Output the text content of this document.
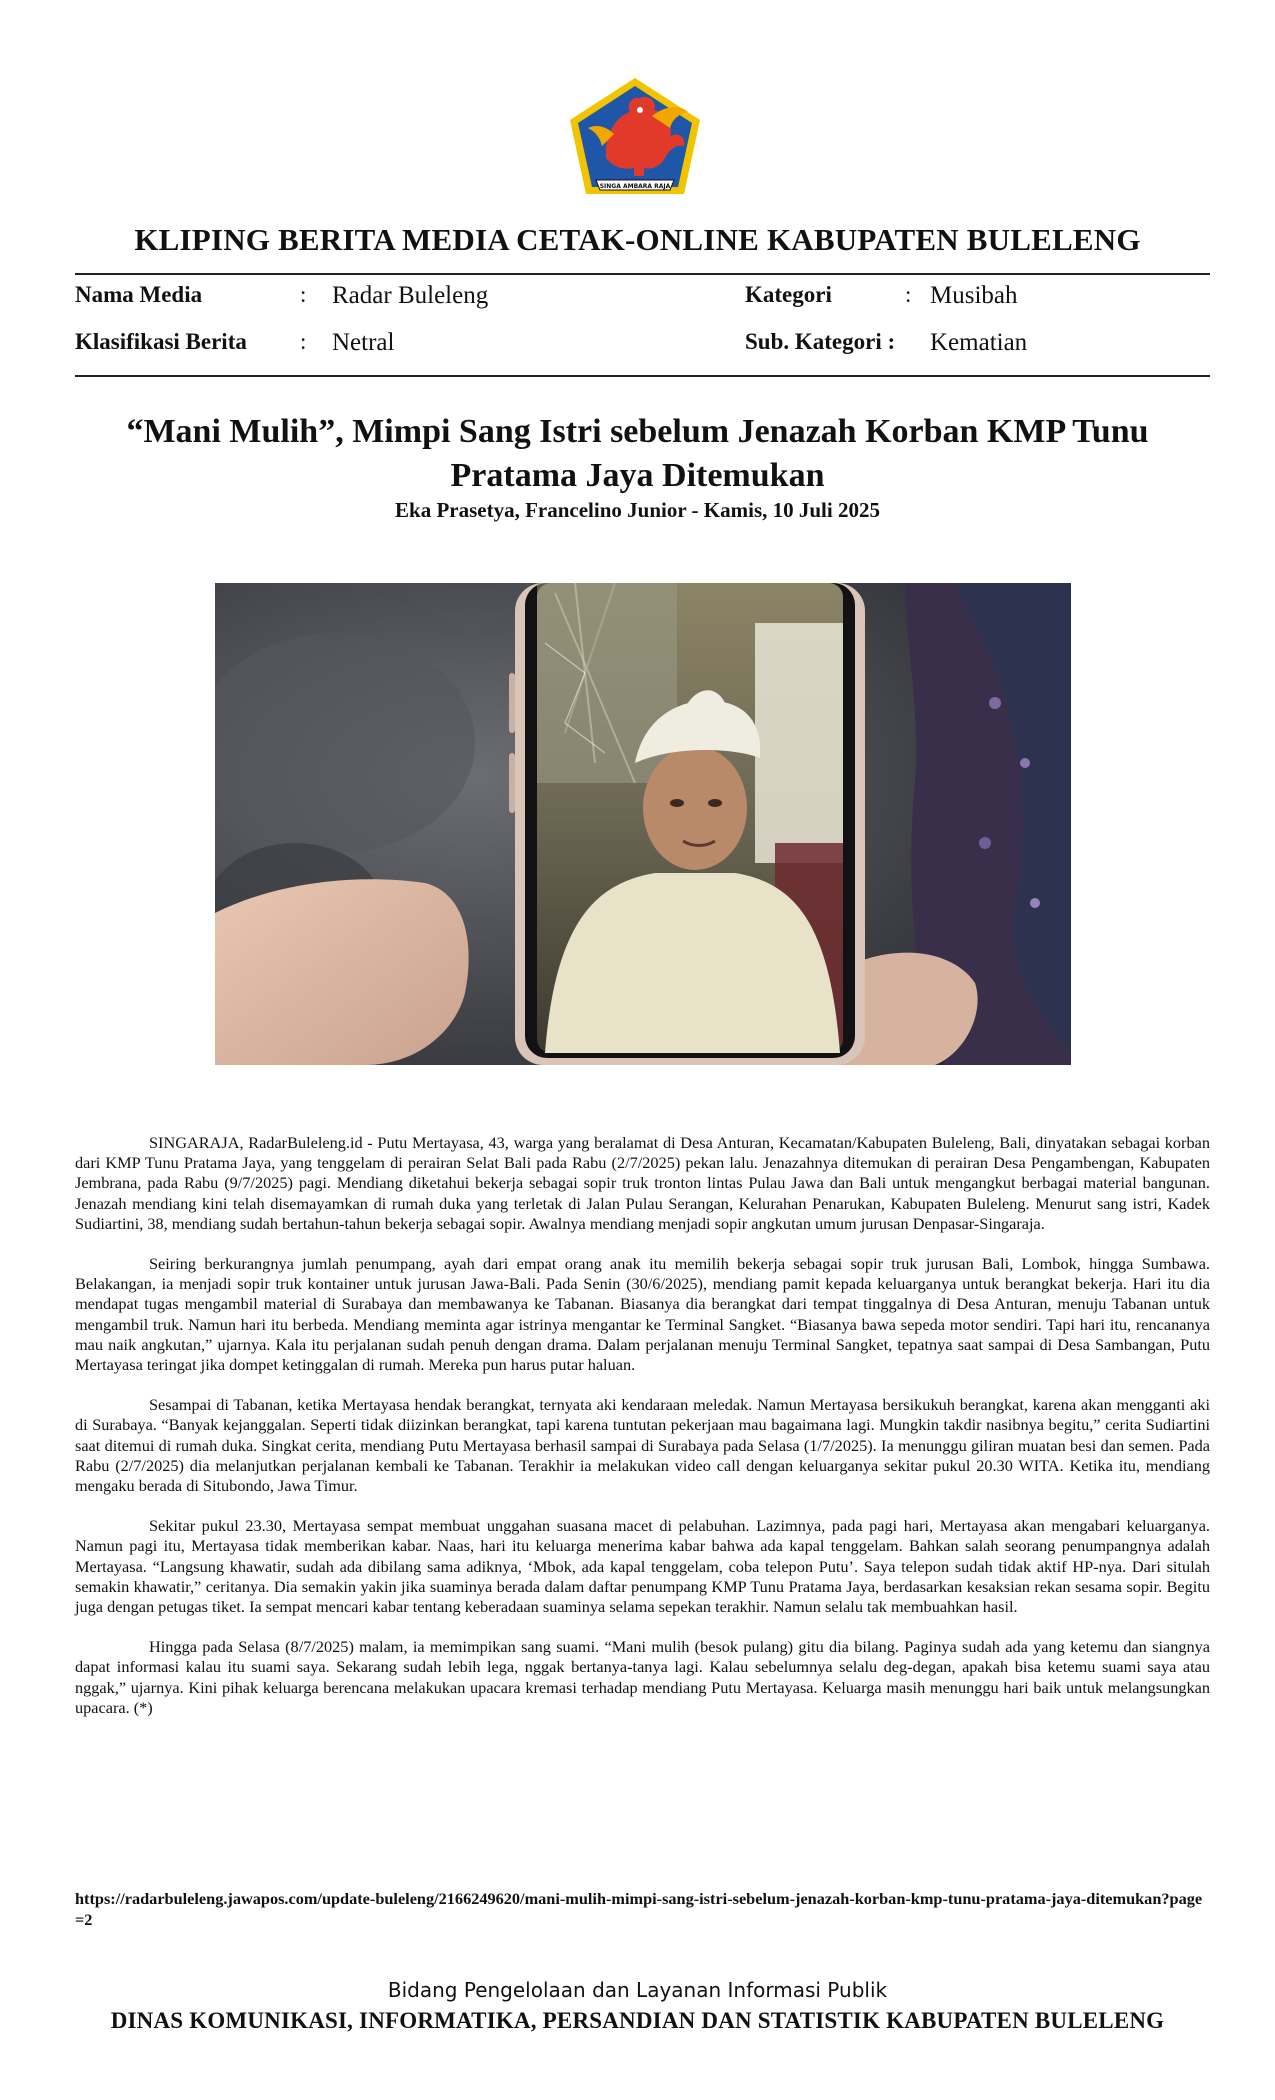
SINGA AMBARA RAJA
KLIPING BERITA MEDIA CETAK-ONLINE KABUPATEN BULELENG
Nama Media	: Radar Buleleng	Kategori	: Musibah
Klasifikasi Berita : Netral	Sub. Kategori : Kematian
“Mani Mulih”, Mimpi Sang Istri sebelum Jenazah Korban KMP Tunu Pratama Jaya Ditemukan
Eka Prasetya, Francelino Junior - Kamis, 10 Juli 2025

SINGARAJA, RadarBuleleng.id - Putu Mertayasa, 43, warga yang beralamat di Desa Anturan, Kecamatan/Kabupaten Buleleng, Bali, dinyatakan sebagai korban dari KMP Tunu Pratama Jaya, yang tenggelam di perairan Selat Bali pada Rabu (2/7/2025) pekan lalu. Jenazahnya ditemukan di perairan Desa Pengambengan, Kabupaten Jembrana, pada Rabu (9/7/2025) pagi. Mendiang diketahui bekerja sebagai sopir truk tronton lintas Pulau Jawa dan Bali untuk mengangkut berbagai material bangunan. Jenazah mendiang kini telah disemayamkan di rumah duka yang terletak di Jalan Pulau Serangan, Kelurahan Penarukan, Kabupaten Buleleng. Menurut sang istri, Kadek Sudiartini, 38, mendiang sudah bertahun-tahun bekerja sebagai sopir. Awalnya mendiang menjadi sopir angkutan umum jurusan Denpasar-Singaraja.

Seiring berkurangnya jumlah penumpang, ayah dari empat orang anak itu memilih bekerja sebagai sopir truk jurusan Bali, Lombok, hingga Sumbawa. Belakangan, ia menjadi sopir truk kontainer untuk jurusan Jawa-Bali. Pada Senin (30/6/2025), mendiang pamit kepada keluarganya untuk berangkat bekerja. Hari itu dia mendapat tugas mengambil material di Surabaya dan membawanya ke Tabanan. Biasanya dia berangkat dari tempat tinggalnya di Desa Anturan, menuju Tabanan untuk mengambil truk. Namun hari itu berbeda. Mendiang meminta agar istrinya mengantar ke Terminal Sangket. “Biasanya bawa sepeda motor sendiri. Tapi hari itu, rencananya mau naik angkutan,” ujarnya. Kala itu perjalanan sudah penuh dengan drama. Dalam perjalanan menuju Terminal Sangket, tepatnya saat sampai di Desa Sambangan, Putu Mertayasa teringat jika dompet ketinggalan di rumah. Mereka pun harus putar haluan.

Sesampai di Tabanan, ketika Mertayasa hendak berangkat, ternyata aki kendaraan meledak. Namun Mertayasa bersikukuh berangkat, karena akan mengganti aki di Surabaya. “Banyak kejanggalan. Seperti tidak diizinkan berangkat, tapi karena tuntutan pekerjaan mau bagaimana lagi. Mungkin takdir nasibnya begitu,” cerita Sudiartini saat ditemui di rumah duka. Singkat cerita, mendiang Putu Mertayasa berhasil sampai di Surabaya pada Selasa (1/7/2025). Ia menunggu giliran muatan besi dan semen. Pada Rabu (2/7/2025) dia melanjutkan perjalanan kembali ke Tabanan. Terakhir ia melakukan video call dengan keluarganya sekitar pukul 20.30 WITA. Ketika itu, mendiang mengaku berada di Situbondo, Jawa Timur.

Sekitar pukul 23.30, Mertayasa sempat membuat unggahan suasana macet di pelabuhan. Lazimnya, pada pagi hari, Mertayasa akan mengabari keluarganya. Namun pagi itu, Mertayasa tidak memberikan kabar. Naas, hari itu keluarga menerima kabar bahwa ada kapal tenggelam. Bahkan salah seorang penumpangnya adalah Mertayasa. “Langsung khawatir, sudah ada dibilang sama adiknya, ‘Mbok, ada kapal tenggelam, coba telepon Putu’. Saya telepon sudah tidak aktif HP-nya. Dari situlah semakin khawatir,” ceritanya. Dia semakin yakin jika suaminya berada dalam daftar penumpang KMP Tunu Pratama Jaya, berdasarkan kesaksian rekan sesama sopir. Begitu juga dengan petugas tiket. Ia sempat mencari kabar tentang keberadaan suaminya selama sepekan terakhir. Namun selalu tak membuahkan hasil.

Hingga pada Selasa (8/7/2025) malam, ia memimpikan sang suami. “Mani mulih (besok pulang) gitu dia bilang. Paginya sudah ada yang ketemu dan siangnya dapat informasi kalau itu suami saya. Sekarang sudah lebih lega, nggak bertanya-tanya lagi. Kalau sebelumnya selalu deg-degan, apakah bisa ketemu suami saya atau nggak,” ujarnya. Kini pihak keluarga berencana melakukan upacara kremasi terhadap mendiang Putu Mertayasa. Keluarga masih menunggu hari baik untuk melangsungkan upacara. (*)

https://radarbuleleng.jawapos.com/update-buleleng/2166249620/mani-mulih-mimpi-sang-istri-sebelum-jenazah-korban-kmp-tunu-pratama-jaya-ditemukan?page=2
Bidang Pengelolaan dan Layanan Informasi Publik
DINAS KOMUNIKASI, INFORMATIKA, PERSANDIAN DAN STATISTIK KABUPATEN BULELENG
